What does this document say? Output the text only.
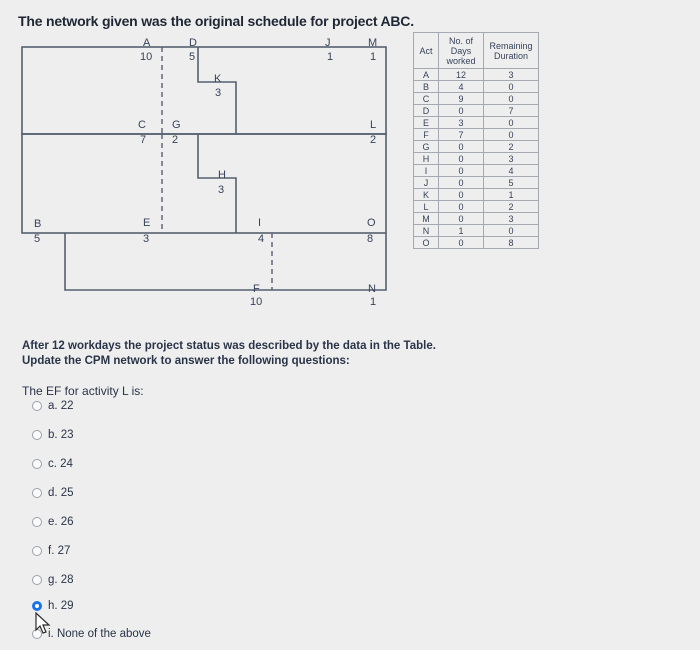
The network given was the original schedule for project ABC.
A
10
D
5
J
1
M
1
K
3
C
7
G
2
L
2
H
3
B
5
E
3
I
4
O
8
F
10
N
1
Act	No. of Days worked	Remaining Duration
A	12	3
B	4	0
C	9	0
D	0	7
E	3	0
F	7	0
G	0	2
H	0	3
I	0	4
J	0	5
K	0	1
L	0	2
M	0	3
N	1	0
O	0	8
After 12 workdays the project status was described by the data in the Table.
Update the CPM network to answer the following questions:
The EF for activity L is:
a. 22
b. 23
c. 24
d. 25
e. 26
f. 27
g. 28
h. 29
i. None of the above
